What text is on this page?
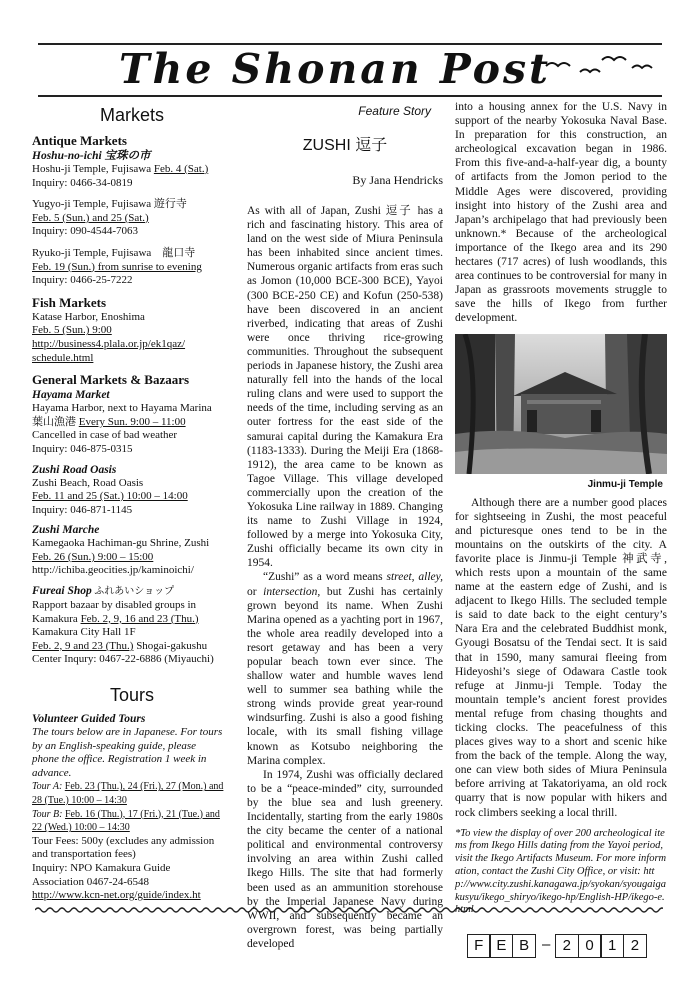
The Shonan Post
Markets
Antique Markets
Hoshu-no-ichi 宝珠の市
Hoshu-ji Temple, Fujisawa Feb. 4 (Sat.)
Inquiry: 0466-34-0819
Yugyo-ji Temple, Fujisawa 遊行寺
Feb. 5 (Sun.) and 25 (Sat.)
Inquiry: 090-4544-7063
Ryuko-ji Temple, Fujisawa　龍口寺
Feb. 19 (Sun.) from sunrise to evening
Inquiry: 0466-25-7222
Fish Markets
Katase Harbor, Enoshima
Feb. 5 (Sun.) 9:00
http://business4.plala.or.jp/ek1qaz/
schedule.html
General Markets & Bazaars
Hayama Market
Hayama Harbor, next to Hayama Marina
葉山漁港 Every Sun. 9:00 – 11:00
Cancelled in case of bad weather
Inquiry: 046-875-0315
Zushi Road Oasis
Zushi Beach, Road Oasis
Feb. 11 and 25 (Sat.) 10:00 – 14:00
Inquiry: 046-871-1145
Zushi Marche
Kamegaoka Hachiman-gu Shrine, Zushi
Feb. 26 (Sun.) 9:00 – 15:00
http://ichiba.geocities.jp/kaminoichi/
Fureai Shop ふれあいショップ
Rapport bazaar by disabled groups in
Kamakura Feb. 2, 9, 16 and 23 (Thu.)
Kamakura City Hall 1F
Feb. 2, 9 and 23 (Thu.) Shogai-gakushu
Center Inqury: 0467-22-6886 (Miyauchi)
Tours
Volunteer Guided Tours
The tours below are in Japanese. For tours
by an English-speaking guide, please
phone the office. Registration 1 week in
advance.
Tour A: Feb. 23 (Thu.), 24 (Fri.), 27 (Mon.) and
28 (Tue.) 10:00 – 14:30
Tour B: Feb. 16 (Thu.), 17 (Fri.), 21 (Tue.) and
22 (Wed.) 10:00 – 14:30
Tour Fees: 500y (excludes any admission
and transportation fees)
Inquiry: NPO Kamakura Guide
Association 0467-24-6548
http://www.kcn-net.org/guide/index.ht
Feature Story
ZUSHI 逗子
By Jana Hendricks

As with all of Japan, Zushi 逗子 has a rich and fascinating history. This area of land on the west side of Miura Peninsula has been inhabited since ancient times. Numerous organic artifacts from eras such as Jomon (10,000 BCE-300 BCE), Yayoi (300 BCE-250 CE) and Kofun (250-538) have been discovered in an ancient riverbed, indicating that areas of Zushi were once thriving rice-growing communities. Throughout the subsequent periods in Japanese history, the Zushi area naturally fell into the hands of the local ruling clans and were used to support the needs of the time, including serving as an outer fortress for the east side of the samurai capital during the Kamakura Era (1183-1333). During the Meiji Era (1868-1912), the area came to be known as Tagoe Village. This village developed commercially upon the creation of the Yokosuka Line railway in 1889. Changing its name to Zushi Village in 1924, followed by a merge into Yokosuka City, Zushi officially became its own city in 1954.

“Zushi” as a word means street, alley, or intersection, but Zushi has certainly grown beyond its name. When Zushi Marina opened as a yachting port in 1967, the whole area readily developed into a resort getaway and has been a very popular beach town ever since. The shallow water and humble waves lend well to summer sea bathing while the strong winds provide great year-round windsurfing. Zushi is also a good fishing locale, with its small fishing village known as Kotsubo neighboring the Marina complex.

In 1974, Zushi was officially declared to be a “peace-minded” city, surrounded by the blue sea and lush greenery. Incidentally, starting from the early 1980s the city became the center of a national political and environmental controversy involving an area within Zushi called Ikego Hills. The site that had formerly been used as an ammunition storehouse by the Imperial Japanese Navy during WWII, and subsequently became an overgrown forest, was being partially developed

into a housing annex for the U.S. Navy in support of the nearby Yokosuka Naval Base. In preparation for this construction, an archeological excavation began in 1986. From this five-and-a-half-year dig, a bounty of artifacts from the Jomon period to the Middle Ages were discovered, providing insight into history of the Zushi area and Japan’s archipelago that had previously been unknown.* Because of the archeological importance of the Ikego area and its 290 hectares (717 acres) of lush woodlands, this area continues to be controversial for many in Japan as grassroots movements struggle to save the hills of Ikego from further development.

Jinmu-ji Temple

Although there are a number good places for sightseeing in Zushi, the most peaceful and picturesque ones tend to be in the mountains on the outskirts of the city. A favorite place is Jinmu-ji Temple 神武寺, which rests upon a mountain of the same name at the eastern edge of Zushi, and is adjacent to Ikego Hills. The secluded temple is said to date back to the eight century’s Nara Era and the celebrated Buddhist monk, Gyougi Bosatsu of the Tendai sect. It is said that in 1590, many samurai fleeing from Hideyoshi’s siege of Odawara Castle took refuge at Jinmu-ji Temple. Today the mountain temple’s ancient forest provides mental refuge from chasing thoughts and ticking clocks. The peacefulness of this places gives way to a short and scenic hike from the back of the temple. Along the way, one can view both sides of Miura Peninsula before arriving at Takatoriyama, an old rock quarry that is now popular with hikers and rock climbers seeking a local thrill.

*To view the display of over 200 archeological items from Ikego Hills dating from the Yayoi period, visit the Ikego Artifacts Museum. For more information, contact the Zushi City Office, or visit: http://www.city.zushi.kanagawa.jp/syokan/syougaigakusyu/ikego_shiryo/ikego-hp/English-HP/ikego-e.html
F E B – 2 0 1 2
